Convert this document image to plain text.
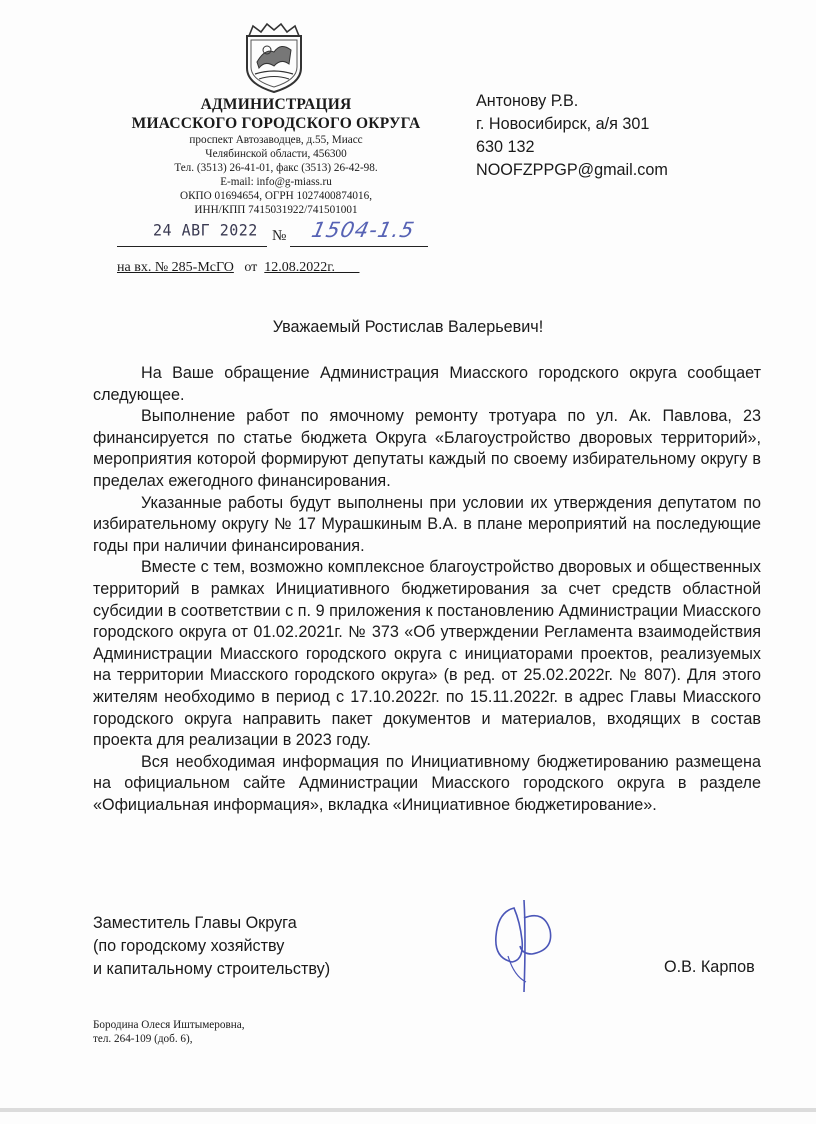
АДМИНИСТРАЦИЯ
МИАССКОГО ГОРОДСКОГО ОКРУГА
проспект Автозаводцев, д.55, Миасс
Челябинской области, 456300
Тел. (3513) 26-41-01, факс (3513) 26-42-98.
E-mail: info@g-miass.ru
ОКПО 01694654, ОГРН 1027400874016,
ИНН/КПП 7415031922/741501001
24 АВГ 2022 № 1504-1.5
на вх. № 285-МсГО от 12.08.2022г.
Антонову Р.В.
г. Новосибирск, а/я 301
630 132
NOOFZPPGP@gmail.com
Уважаемый Ростислав Валерьевич!

На Ваше обращение Администрация Миасского городского округа сообщает следующее.

Выполнение работ по ямочному ремонту тротуара по ул. Ак. Павлова, 23 финансируется по статье бюджета Округа «Благоустройство дворовых территорий», мероприятия которой формируют депутаты каждый по своему избирательному округу в пределах ежегодного финансирования.

Указанные работы будут выполнены при условии их утверждения депутатом по избирательному округу № 17 Мурашкиным В.А. в плане мероприятий на последующие годы при наличии финансирования.

Вместе с тем, возможно комплексное благоустройство дворовых и общественных территорий в рамках Инициативного бюджетирования за счет средств областной субсидии в соответствии с п. 9 приложения к постановлению Администрации Миасского городского округа от 01.02.2021г. № 373 «Об утверждении Регламента взаимодействия Администрации Миасского городского округа с инициаторами проектов, реализуемых на территории Миасского городского округа» (в ред. от 25.02.2022г. № 807). Для этого жителям необходимо в период с 17.10.2022г. по 15.11.2022г. в адрес Главы Миасского городского округа направить пакет документов и материалов, входящих в состав проекта для реализации в 2023 году.

Вся необходимая информация по Инициативному бюджетированию размещена на официальном сайте Администрации Миасского городского округа в разделе «Официальная информация», вкладка «Инициативное бюджетирование».

Заместитель Главы Округа
(по городскому хозяйству
и капитальному строительству)	О.В. Карпов
Бородина Олеся Иштымеровна,
тел. 264-109 (доб. 6),
